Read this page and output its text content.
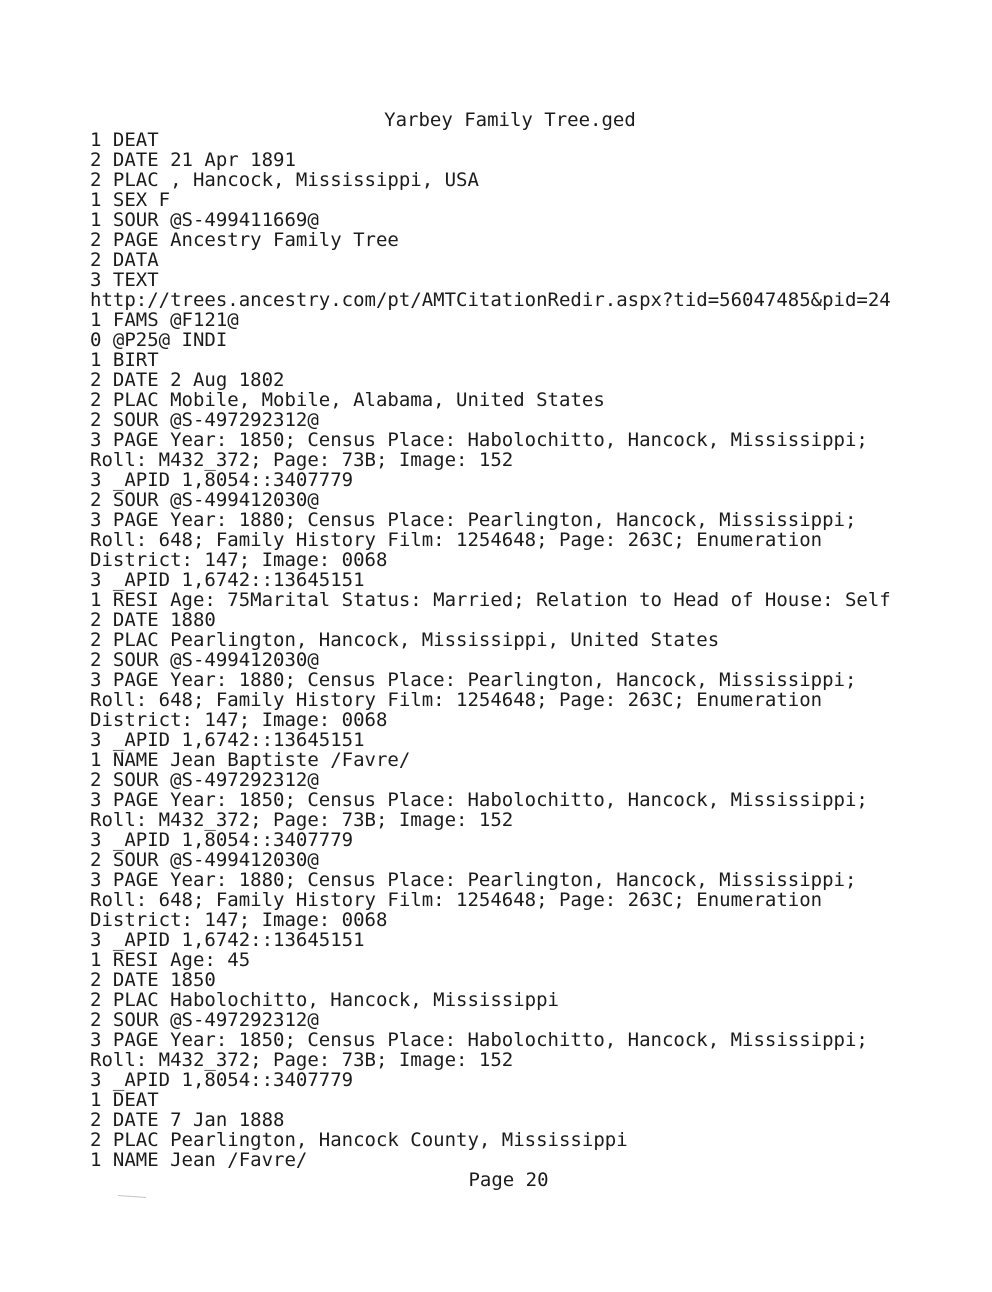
Yarbey Family Tree.ged
1 DEAT
2 DATE 21 Apr 1891
2 PLAC , Hancock, Mississippi, USA
1 SEX F
1 SOUR @S-499411669@
2 PAGE Ancestry Family Tree
2 DATA
3 TEXT
http://trees.ancestry.com/pt/AMTCitationRedir.aspx?tid=56047485&pid=24
1 FAMS @F121@
0 @P25@ INDI
1 BIRT
2 DATE 2 Aug 1802
2 PLAC Mobile, Mobile, Alabama, United States
2 SOUR @S-497292312@
3 PAGE Year: 1850; Census Place: Habolochitto, Hancock, Mississippi;
Roll: M432_372; Page: 73B; Image: 152
3 _APID 1,8054::3407779
2 SOUR @S-499412030@
3 PAGE Year: 1880; Census Place: Pearlington, Hancock, Mississippi;
Roll: 648; Family History Film: 1254648; Page: 263C; Enumeration
District: 147; Image: 0068
3 _APID 1,6742::13645151
1 RESI Age: 75Marital Status: Married; Relation to Head of House: Self
2 DATE 1880
2 PLAC Pearlington, Hancock, Mississippi, United States
2 SOUR @S-499412030@
3 PAGE Year: 1880; Census Place: Pearlington, Hancock, Mississippi;
Roll: 648; Family History Film: 1254648; Page: 263C; Enumeration
District: 147; Image: 0068
3 _APID 1,6742::13645151
1 NAME Jean Baptiste /Favre/
2 SOUR @S-497292312@
3 PAGE Year: 1850; Census Place: Habolochitto, Hancock, Mississippi;
Roll: M432_372; Page: 73B; Image: 152
3 _APID 1,8054::3407779
2 SOUR @S-499412030@
3 PAGE Year: 1880; Census Place: Pearlington, Hancock, Mississippi;
Roll: 648; Family History Film: 1254648; Page: 263C; Enumeration
District: 147; Image: 0068
3 _APID 1,6742::13645151
1 RESI Age: 45
2 DATE 1850
2 PLAC Habolochitto, Hancock, Mississippi
2 SOUR @S-497292312@
3 PAGE Year: 1850; Census Place: Habolochitto, Hancock, Mississippi;
Roll: M432_372; Page: 73B; Image: 152
3 _APID 1,8054::3407779
1 DEAT
2 DATE 7 Jan 1888
2 PLAC Pearlington, Hancock County, Mississippi
1 NAME Jean /Favre/
Page 20
